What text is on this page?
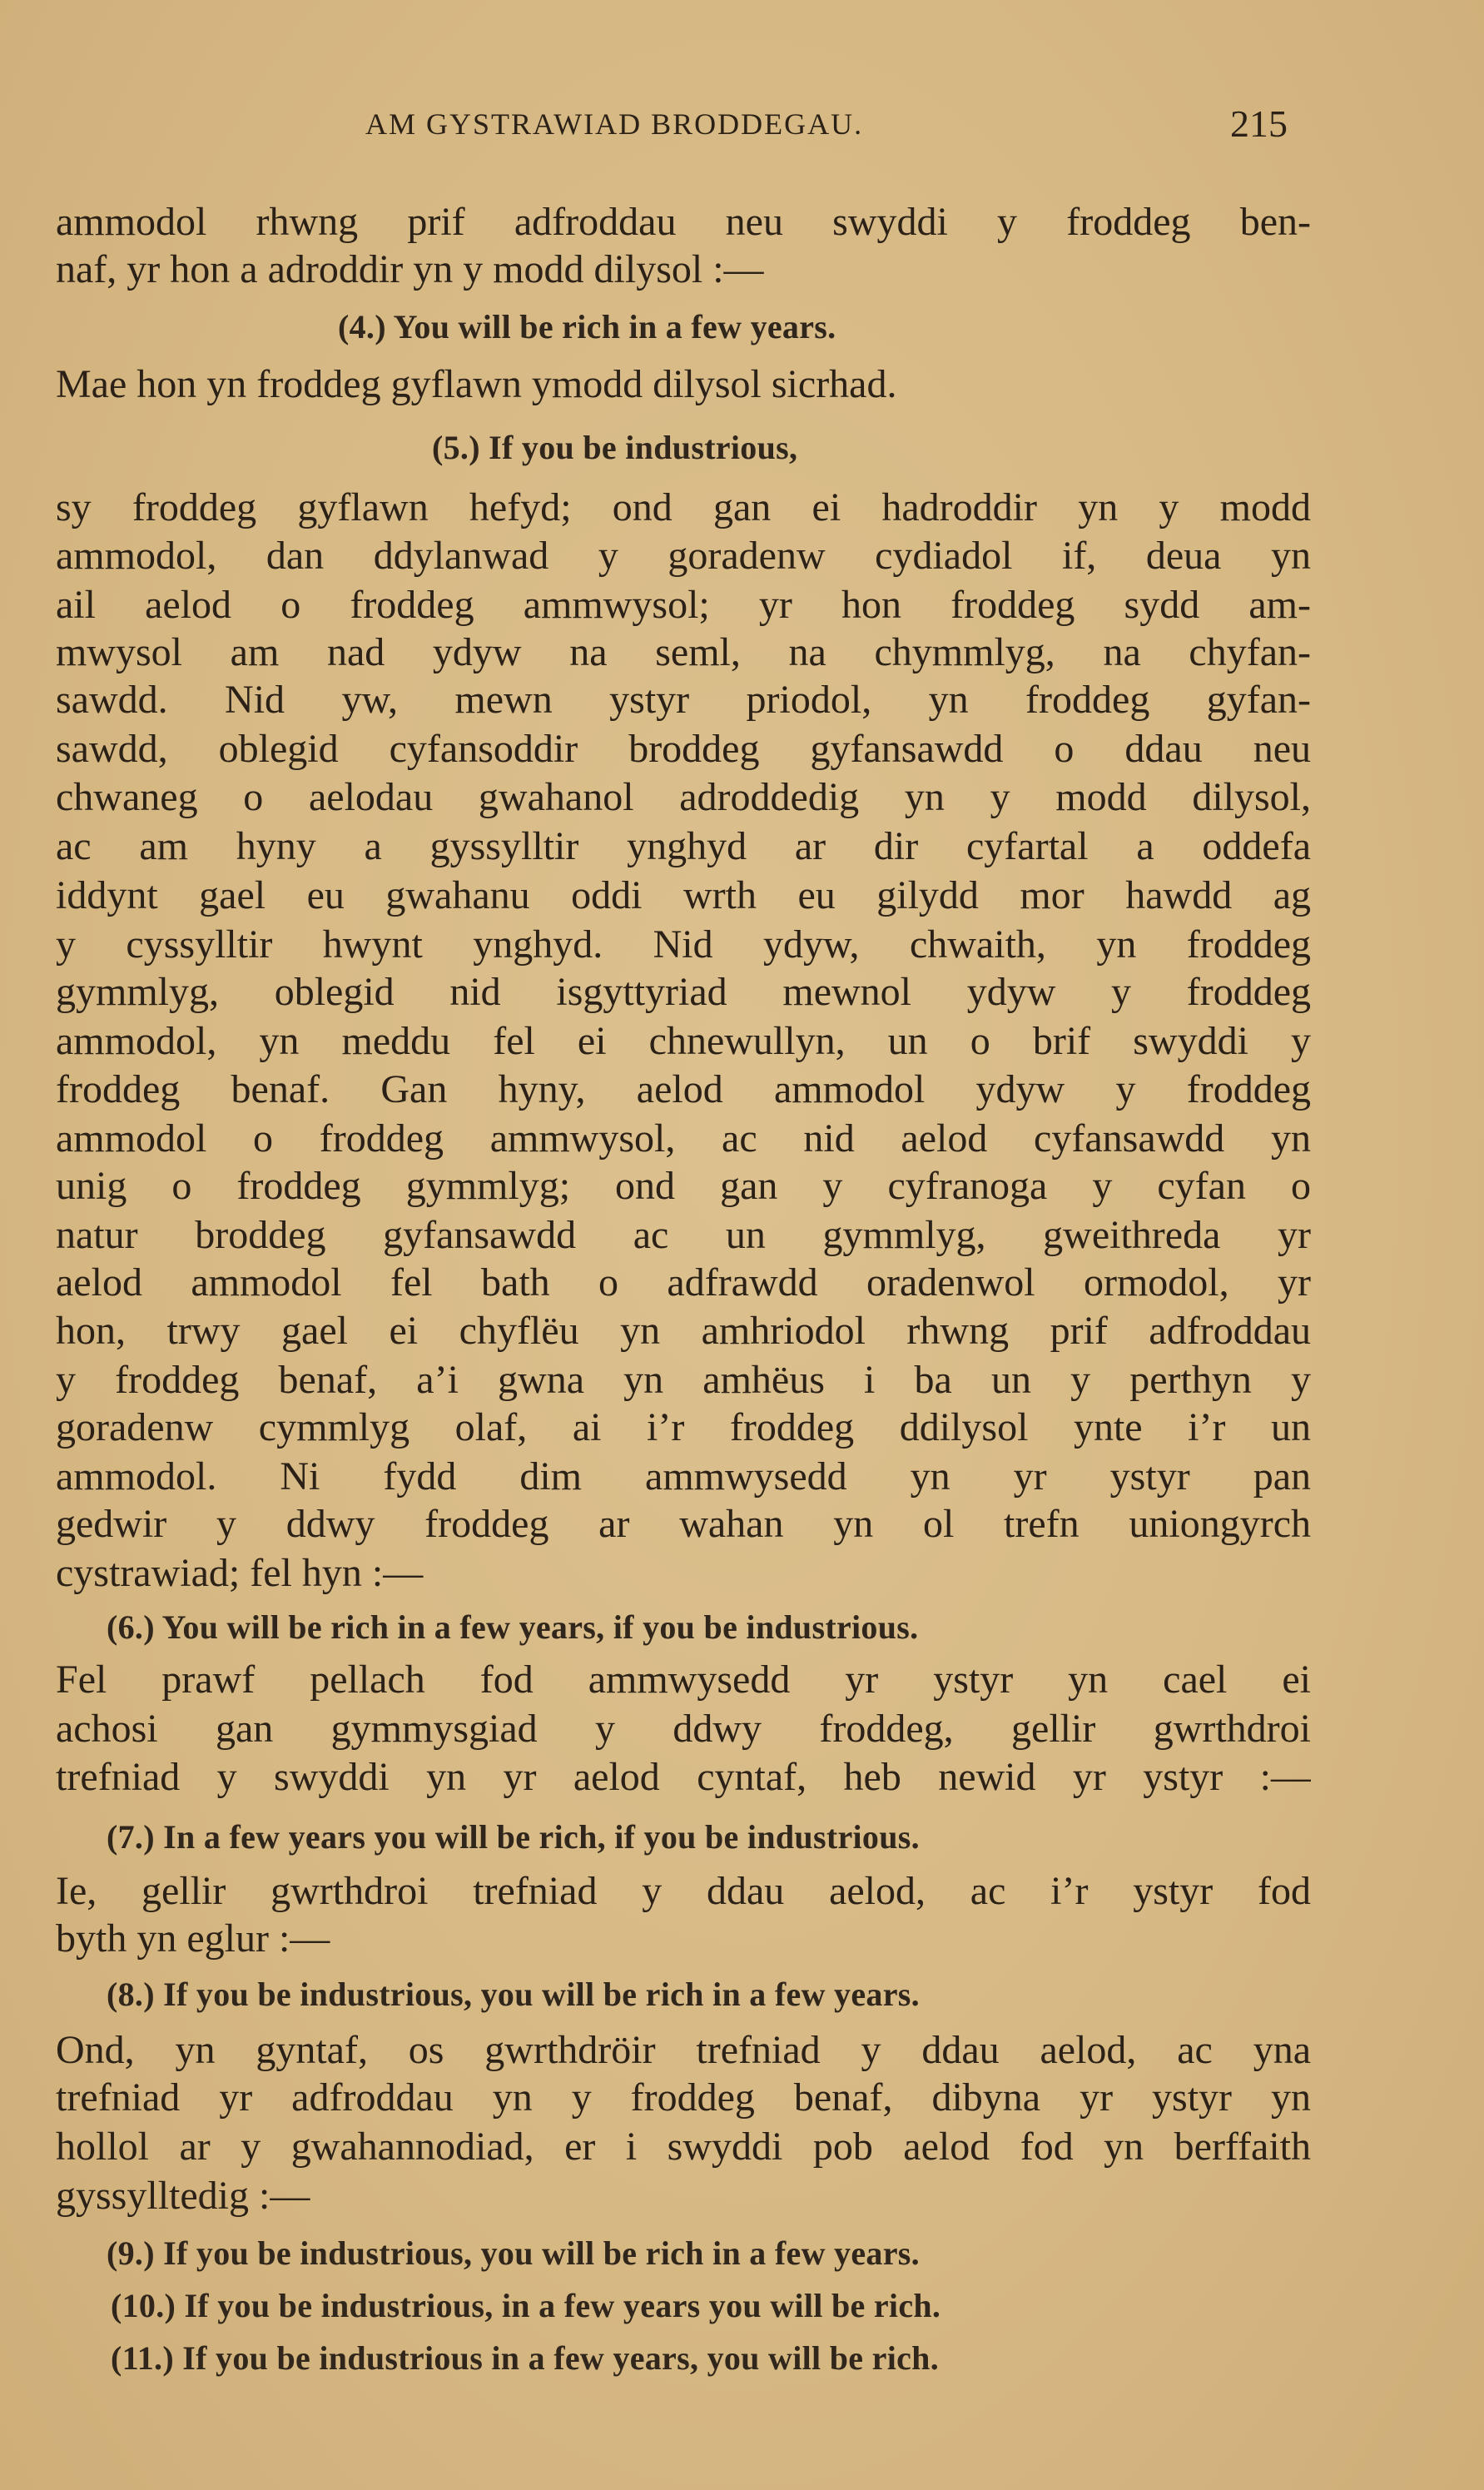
AM GYSTRAWIAD BRODDEGAU.	215
ammodol rhwng prif adfroddau neu swyddi y froddeg ben-
naf, yr hon a adroddir yn y modd dilysol :—
(4.) You will be rich in a few years.
Mae hon yn froddeg gyflawn ymodd dilysol sicrhad.
(5.) If you be industrious,
sy froddeg gyflawn hefyd; ond gan ei hadroddir yn y modd
ammodol, dan ddylanwad y goradenw cydiadol if, deua yn
ail aelod o froddeg ammwysol; yr hon froddeg sydd am-
mwysol am nad ydyw na seml, na chymmlyg, na chyfan-
sawdd. Nid yw, mewn ystyr priodol, yn froddeg gyfan-
sawdd, oblegid cyfansoddir broddeg gyfansawdd o ddau neu
chwaneg o aelodau gwahanol adroddedig yn y modd dilysol,
ac am hyny a gyssylltir ynghyd ar dir cyfartal a oddefa
iddynt gael eu gwahanu oddi wrth eu gilydd mor hawdd ag
y cyssylltir hwynt ynghyd. Nid ydyw, chwaith, yn froddeg
gymmlyg, oblegid nid isgyttyriad mewnol ydyw y froddeg
ammodol, yn meddu fel ei chnewullyn, un o brif swyddi y
froddeg benaf. Gan hyny, aelod ammodol ydyw y froddeg
ammodol o froddeg ammwysol, ac nid aelod cyfansawdd yn
unig o froddeg gymmlyg; ond gan y cyfranoga y cyfan o
natur broddeg gyfansawdd ac un gymmlyg, gweithreda yr
aelod ammodol fel bath o adfrawdd oradenwol ormodol, yr
hon, trwy gael ei chyflëu yn amhriodol rhwng prif adfroddau
y froddeg benaf, a’i gwna yn amhëus i ba un y perthyn y
goradenw cymmlyg olaf, ai i’r froddeg ddilysol ynte i’r un
ammodol. Ni fydd dim ammwysedd yn yr ystyr pan
gedwir y ddwy froddeg ar wahan yn ol trefn uniongyrch
cystrawiad; fel hyn :—
(6.) You will be rich in a few years, if you be industrious.
Fel prawf pellach fod ammwysedd yr ystyr yn cael ei
achosi gan gymmysgiad y ddwy froddeg, gellir gwrthdroi
trefniad y swyddi yn yr aelod cyntaf, heb newid yr ystyr :—
(7.) In a few years you will be rich, if you be industrious.
Ie, gellir gwrthdroi trefniad y ddau aelod, ac i’r ystyr fod
byth yn eglur :—
(8.) If you be industrious, you will be rich in a few years.
Ond, yn gyntaf, os gwrthdröir trefniad y ddau aelod, ac yna
trefniad yr adfroddau yn y froddeg benaf, dibyna yr ystyr yn
hollol ar y gwahannodiad, er i swyddi pob aelod fod yn berffaith
gyssylltedig :—
(9.) If you be industrious, you will be rich in a few years.
(10.) If you be industrious, in a few years you will be rich.
(11.) If you be industrious in a few years, you will be rich.
